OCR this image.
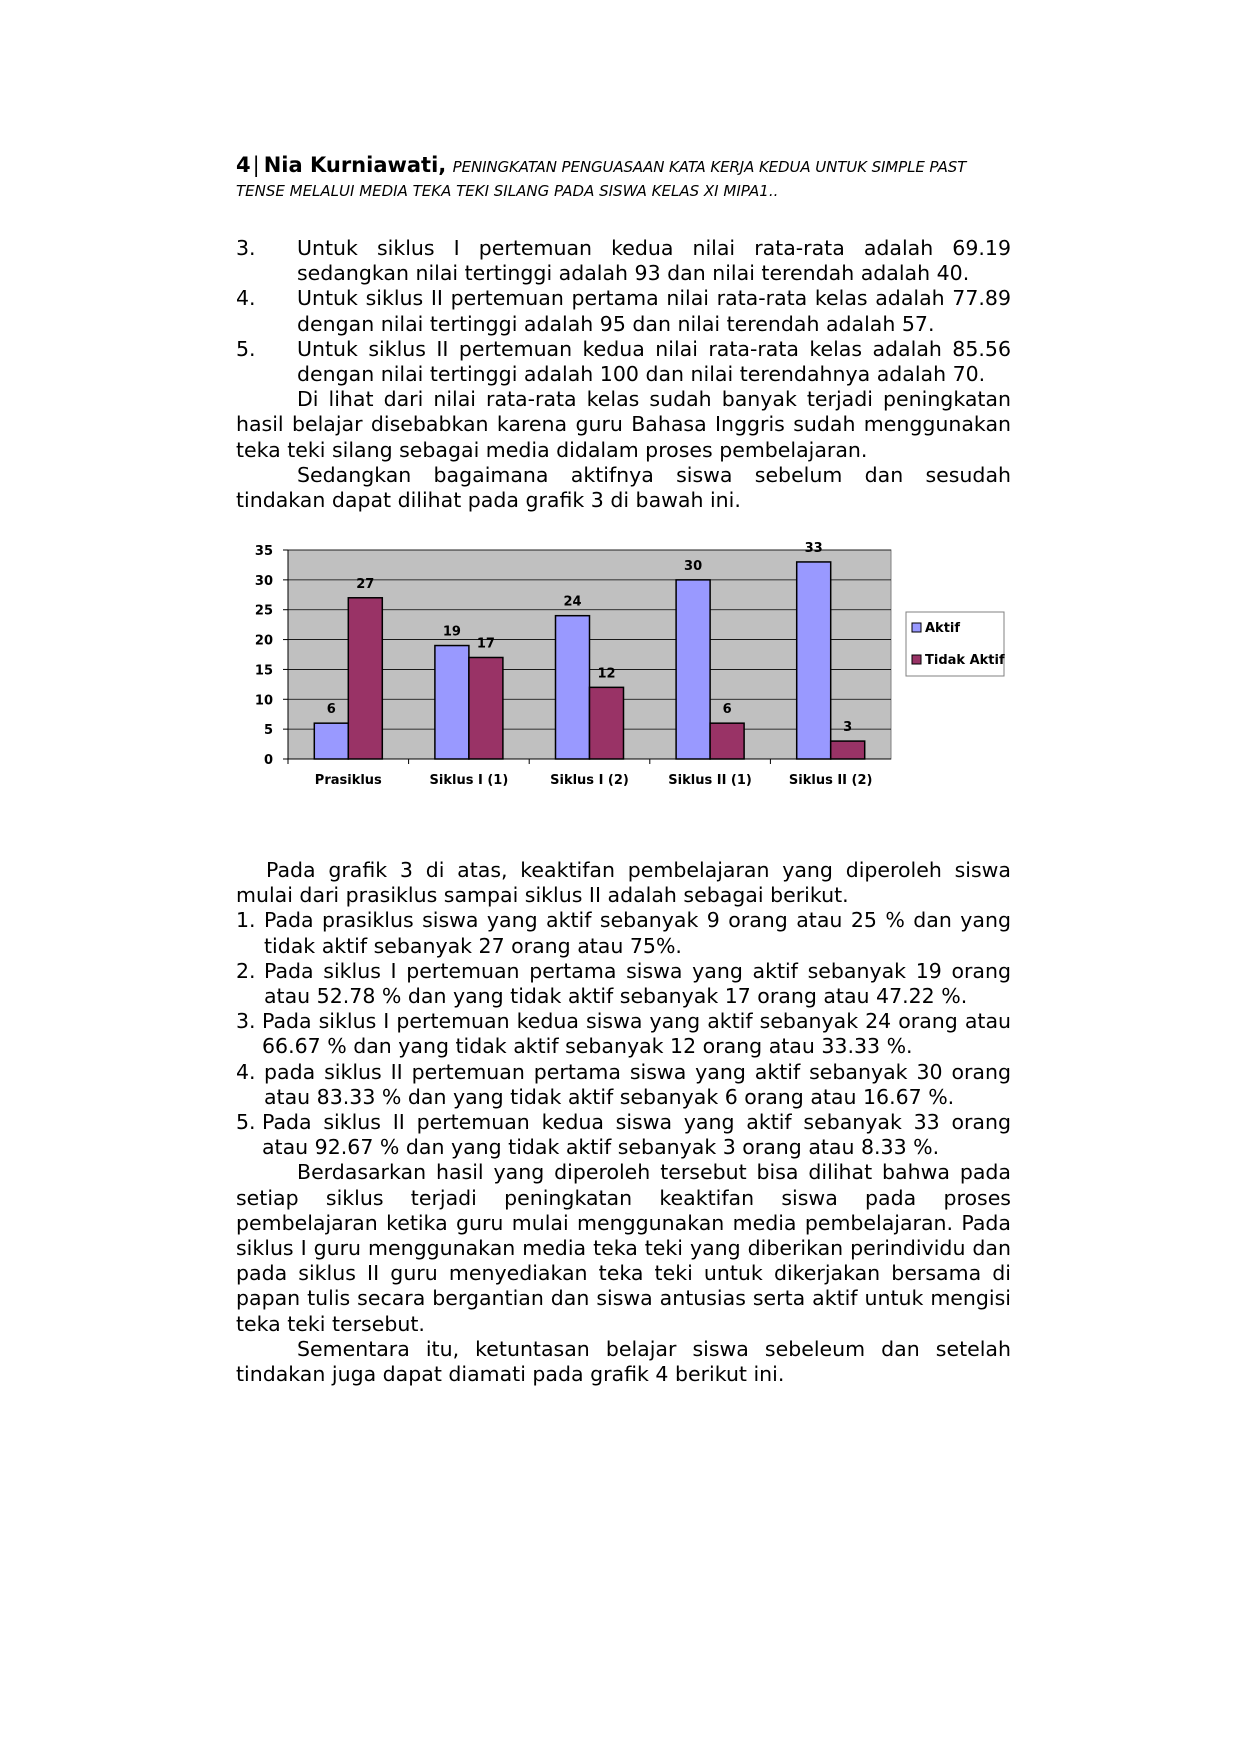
4| Nia Kurniawati, PENINGKATAN PENGUASAAN KATA KERJA KEDUA UNTUK SIMPLE PAST
TENSE MELALUI MEDIA TEKA TEKI SILANG PADA SISWA KELAS XI MIPA1..
3. Untuk siklus I pertemuan kedua nilai rata-rata adalah 69.19 sedangkan nilai tertinggi adalah 93 dan nilai terendah adalah 40.
4. Untuk siklus II pertemuan pertama nilai rata-rata kelas adalah 77.89 dengan nilai tertinggi adalah 95 dan nilai terendah adalah 57.
5. Untuk siklus II pertemuan kedua nilai rata-rata kelas adalah 85.56 dengan nilai tertinggi adalah 100 dan nilai terendahnya adalah 70.

Di lihat dari nilai rata-rata kelas sudah banyak terjadi peningkatan hasil belajar disebabkan karena guru Bahasa Inggris sudah menggunakan teka teki silang sebagai media didalam proses pembelajaran.

Sedangkan bagaimana aktifnya siswa sebelum dan sesudah tindakan dapat dilihat pada grafik 3 di bawah ini.

0
5
10
15
20
25
30
35
6
27
Prasiklus
19
17
Siklus I (1)
24
12
Siklus I (2)
30
6
Siklus II (1)
33
3
Siklus II (2)
Aktif
Tidak Aktif

Pada grafik 3 di atas, keaktifan pembelajaran yang diperoleh siswa mulai dari prasiklus sampai siklus II adalah sebagai berikut.

1. Pada prasiklus siswa yang aktif sebanyak 9 orang atau 25 % dan yang tidak aktif sebanyak 27 orang atau 75%.
2. Pada siklus I pertemuan pertama siswa yang aktif sebanyak 19 orang atau 52.78 % dan yang tidak aktif sebanyak 17 orang atau 47.22 %.
3. Pada siklus I pertemuan kedua siswa yang aktif sebanyak 24 orang atau 66.67 % dan yang tidak aktif sebanyak 12 orang atau 33.33 %.
4. pada siklus II pertemuan pertama siswa yang aktif sebanyak 30 orang atau 83.33 % dan yang tidak aktif sebanyak 6 orang atau 16.67 %.
5. Pada siklus II pertemuan kedua siswa yang aktif sebanyak 33 orang atau 92.67 % dan yang tidak aktif sebanyak 3 orang atau 8.33 %.

Berdasarkan hasil yang diperoleh tersebut bisa dilihat bahwa pada setiap siklus terjadi peningkatan keaktifan siswa pada proses pembelajaran ketika guru mulai menggunakan media pembelajaran. Pada siklus I guru menggunakan media teka teki yang diberikan perindividu dan pada siklus II guru menyediakan teka teki untuk dikerjakan bersama di papan tulis secara bergantian dan siswa antusias serta aktif untuk mengisi teka teki tersebut.

Sementara itu, ketuntasan belajar siswa sebeleum dan setelah tindakan juga dapat diamati pada grafik 4 berikut ini.
